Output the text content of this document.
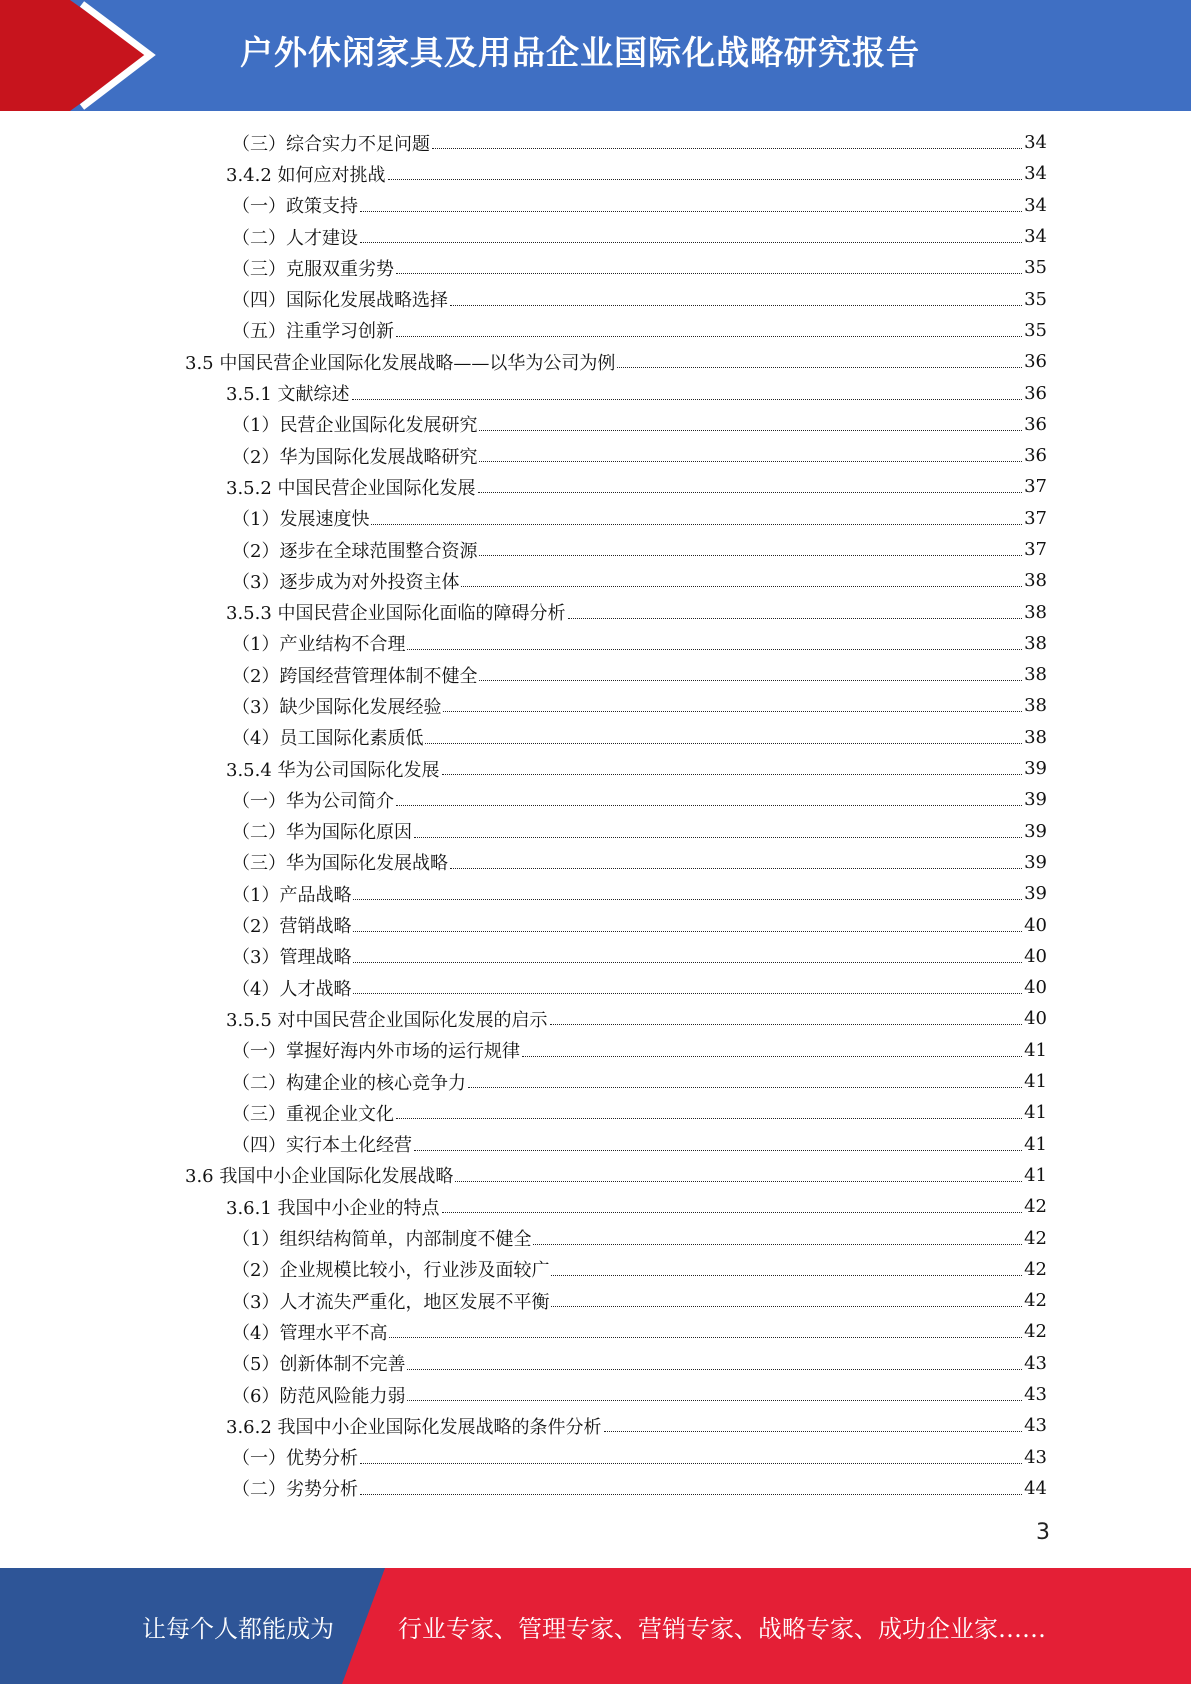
户外休闲家具及用品企业国际化战略研究报告
（三）综合实力不足问题	34
3.4.2 如何应对挑战	34
（一）政策支持	34
（二）人才建设	34
（三）克服双重劣势	35
（四）国际化发展战略选择	35
（五）注重学习创新	35
3.5 中国民营企业国际化发展战略——以华为公司为例	36
3.5.1 文献综述	36
（1）民营企业国际化发展研究	36
（2）华为国际化发展战略研究	36
3.5.2 中国民营企业国际化发展	37
（1）发展速度快	37
（2）逐步在全球范围整合资源	37
（3）逐步成为对外投资主体	38
3.5.3 中国民营企业国际化面临的障碍分析	38
（1）产业结构不合理	38
（2）跨国经营管理体制不健全	38
（3）缺少国际化发展经验	38
（4）员工国际化素质低	38
3.5.4 华为公司国际化发展	39
（一）华为公司简介	39
（二）华为国际化原因	39
（三）华为国际化发展战略	39
（1）产品战略	39
（2）营销战略	40
（3）管理战略	40
（4）人才战略	40
3.5.5 对中国民营企业国际化发展的启示	40
（一）掌握好海内外市场的运行规律	41
（二）构建企业的核心竞争力	41
（三）重视企业文化	41
（四）实行本土化经营	41
3.6 我国中小企业国际化发展战略	41
3.6.1 我国中小企业的特点	42
（1）组织结构简单，内部制度不健全	42
（2）企业规模比较小，行业涉及面较广	42
（3）人才流失严重化，地区发展不平衡	42
（4）管理水平不高	42
（5）创新体制不完善	43
（6）防范风险能力弱	43
3.6.2 我国中小企业国际化发展战略的条件分析	43
（一）优势分析	43
（二）劣势分析	44
3
让每个人都能成为	行业专家、管理专家、营销专家、战略专家、成功企业家……
